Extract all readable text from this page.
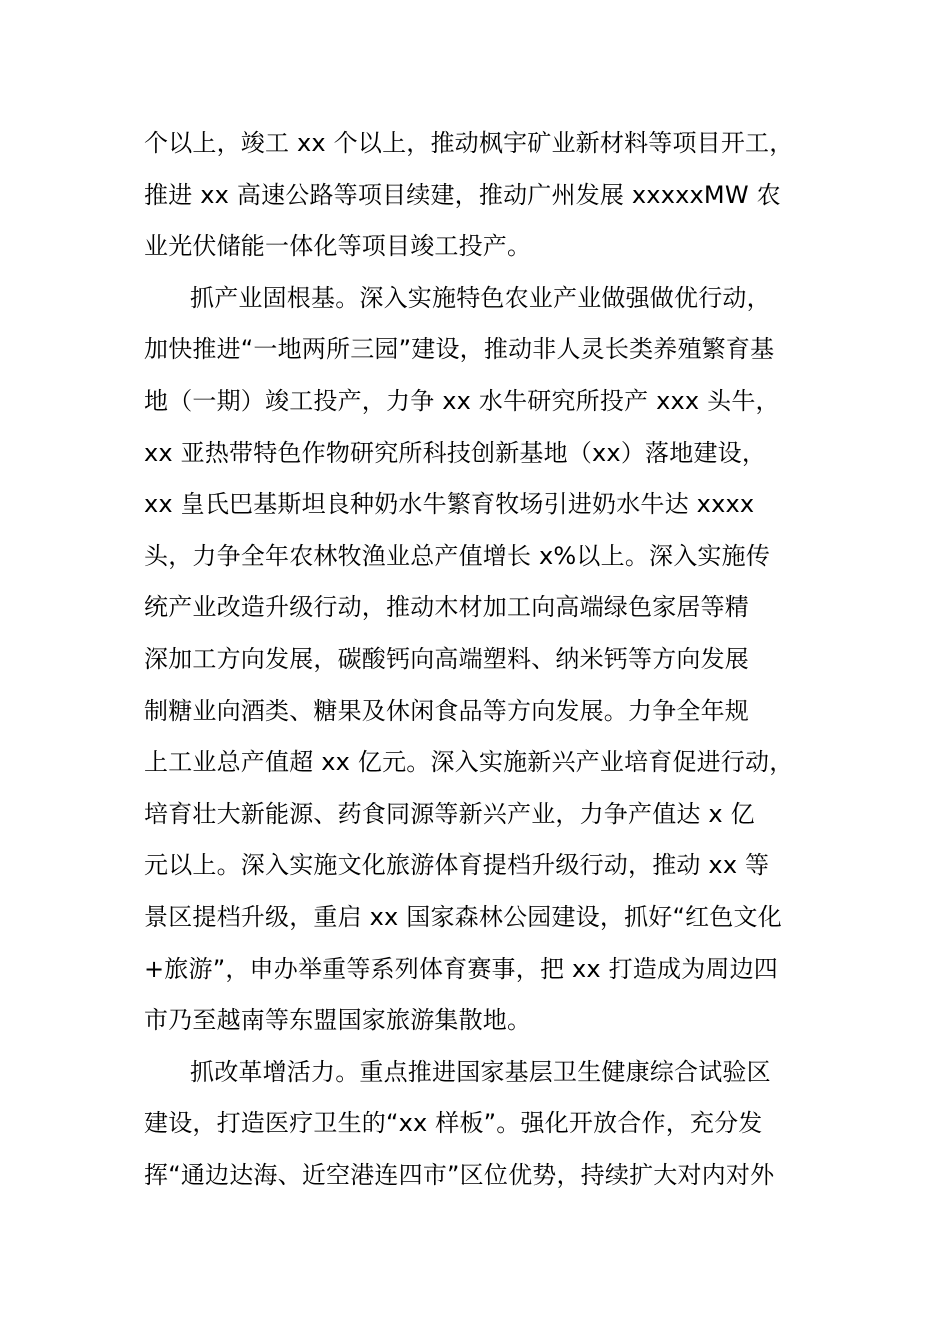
个以上，竣工 xx 个以上，推动枫宇矿业新材料等项目开工，
推进 xx 高速公路等项目续建，推动广州发展 xxxxxMW 农
业光伏储能一体化等项目竣工投产。
抓产业固根基。深入实施特色农业产业做强做优行动，
加快推进“一地两所三园”建设，推动非人灵长类养殖繁育基
地（一期）竣工投产，力争 xx 水牛研究所投产 xxx 头牛，
xx 亚热带特色作物研究所科技创新基地（xx）落地建设，
xx 皇氏巴基斯坦良种奶水牛繁育牧场引进奶水牛达 xxxx
头，力争全年农林牧渔业总产值增长 x%以上。深入实施传
统产业改造升级行动，推动木材加工向高端绿色家居等精
深加工方向发展，碳酸钙向高端塑料、纳米钙等方向发展
制糖业向酒类、糖果及休闲食品等方向发展。力争全年规
上工业总产值超 xx 亿元。深入实施新兴产业培育促进行动，
培育壮大新能源、药食同源等新兴产业，力争产值达 x 亿
元以上。深入实施文化旅游体育提档升级行动，推动 xx 等
景区提档升级，重启 xx 国家森林公园建设，抓好“红色文化
+旅游”，申办举重等系列体育赛事，把 xx 打造成为周边四
市乃至越南等东盟国家旅游集散地。
抓改革增活力。重点推进国家基层卫生健康综合试验区
建设，打造医疗卫生的“xx 样板”。强化开放合作，充分发
挥“通边达海、近空港连四市”区位优势，持续扩大对内对外
